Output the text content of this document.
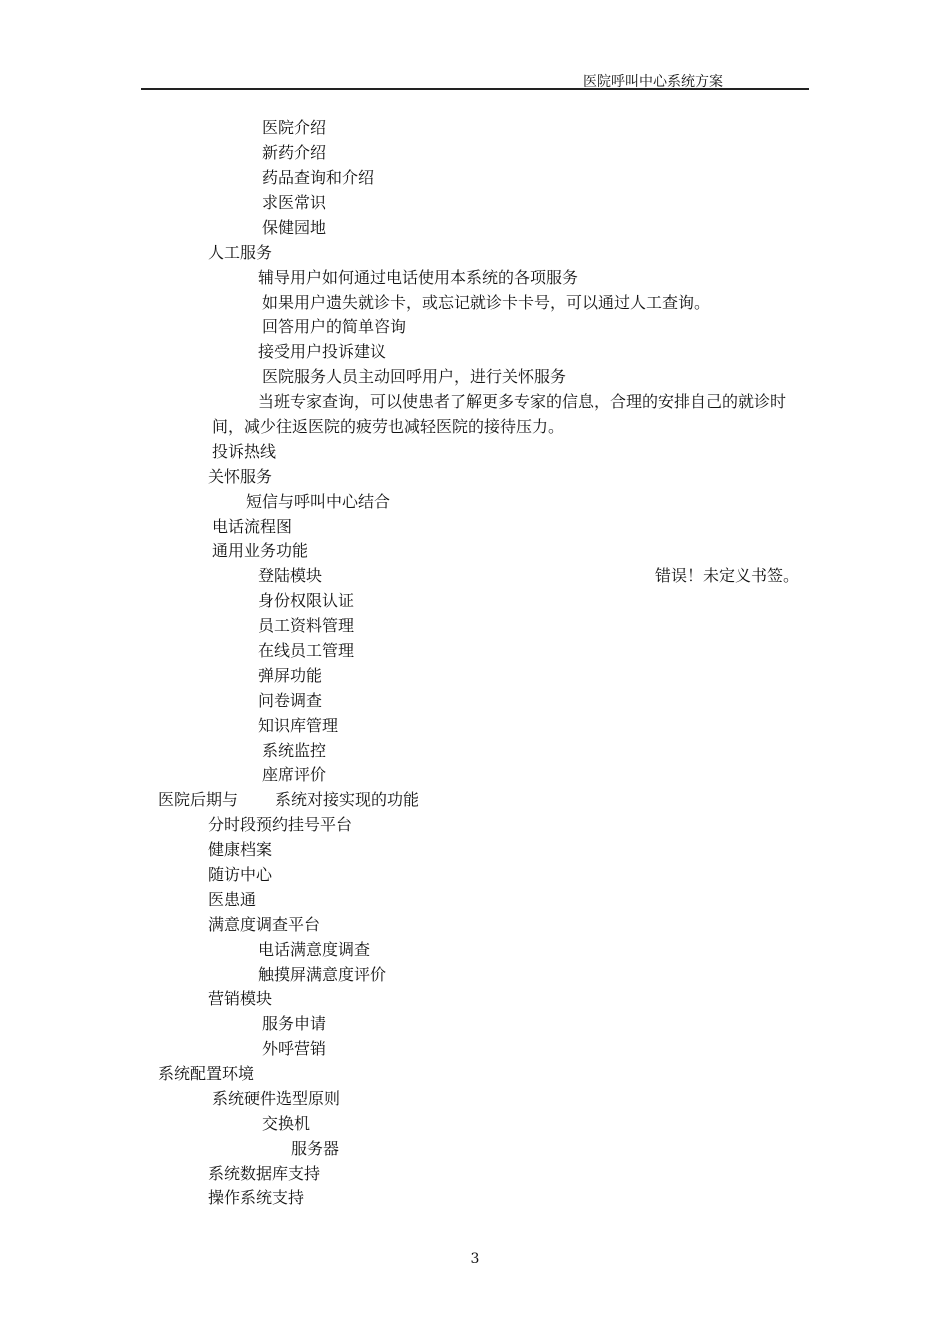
医院呼叫中心系统方案
医院介绍
新药介绍
药品查询和介绍
求医常识
保健园地
人工服务
辅导用户如何通过电话使用本系统的各项服务
如果用户遗失就诊卡，或忘记就诊卡卡号，可以通过人工查询。
回答用户的简单咨询
接受用户投诉建议
医院服务人员主动回呼用户，进行关怀服务
当班专家查询，可以使患者了解更多专家的信息，合理的安排自己的就诊时
间，减少往返医院的疲劳也减轻医院的接待压力。
投诉热线
关怀服务
短信与呼叫中心结合
电话流程图
通用业务功能
登陆模块	错误！未定义书签。
身份权限认证
员工资料管理
在线员工管理
弹屏功能
问卷调查
知识库管理
系统监控
座席评价
医院后期与 系统对接实现的功能
分时段预约挂号平台
健康档案
随访中心
医患通
满意度调查平台
电话满意度调查
触摸屏满意度评价
营销模块
服务申请
外呼营销
系统配置环境
系统硬件选型原则
交换机
服务器
系统数据库支持
操作系统支持
3
